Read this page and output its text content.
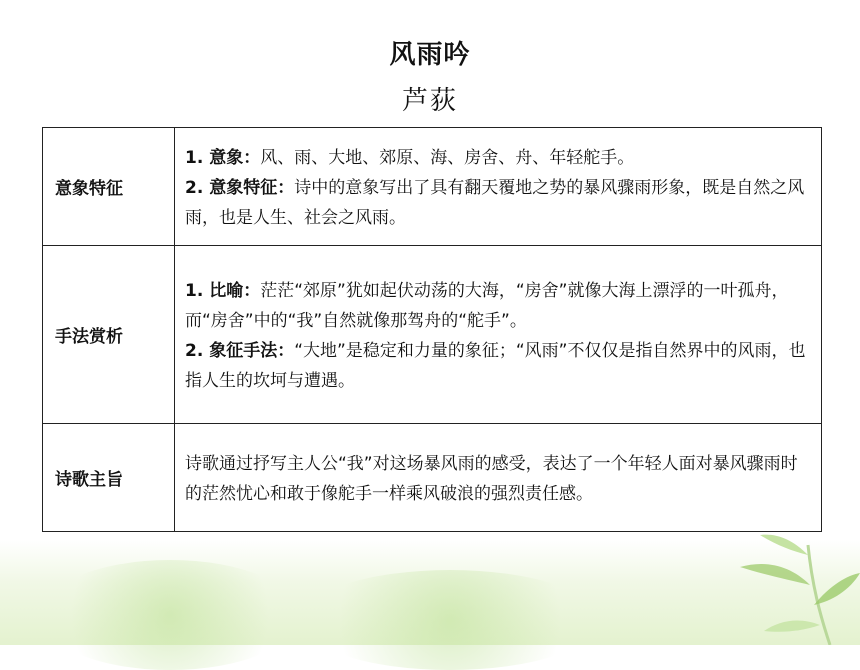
风雨吟
芦荻
意象特征	1. 意象：风、雨、大地、郊原、海、房舍、舟、年轻舵手。
2. 意象特征：诗中的意象写出了具有翻天覆地之势的暴风骤雨形象，既是自然之风雨，也是人生、社会之风雨。

手法赏析	1. 比喻：茫茫“郊原”犹如起伏动荡的大海，“房舍”就像大海上漂浮的一叶孤舟，而“房舍”中的“我”自然就像那驾舟的“舵手”。
2. 象征手法：“大地”是稳定和力量的象征；“风雨”不仅仅是指自然界中的风雨，也指人生的坎坷与遭遇。

诗歌主旨	诗歌通过抒写主人公“我”对这场暴风雨的感受，表达了一个年轻人面对暴风骤雨时的茫然忧心和敢于像舵手一样乘风破浪的强烈责任感。
